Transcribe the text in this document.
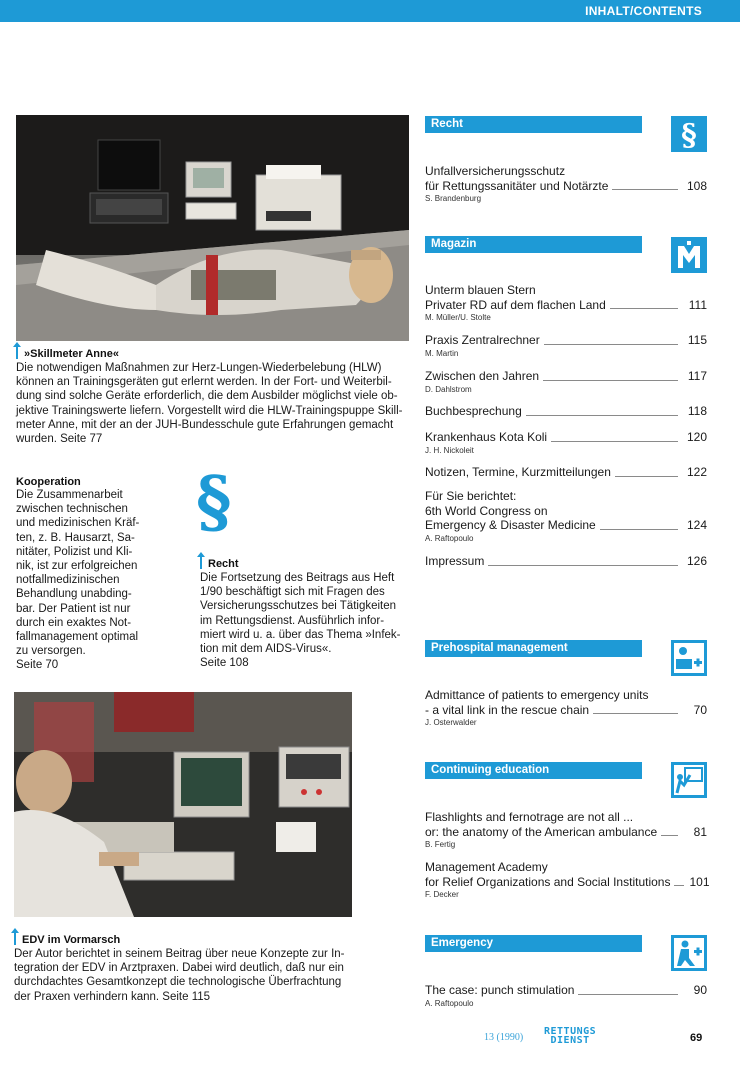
INHALT/CONTENTS
»Skillmeter Anne«
Die notwendigen Maßnahmen zur Herz-Lungen-Wiederbelebung (HLW)
können an Trainingsgeräten gut erlernt werden. In der Fort- und Weiterbil-
dung sind solche Geräte erforderlich, die dem Ausbilder möglichst viele ob-
jektive Trainingswerte liefern. Vorgestellt wird die HLW-Trainingspuppe Skill-
meter Anne, mit der an der JUH-Bundesschule gute Erfahrungen gemacht
wurden. Seite 77
Kooperation
Die Zusammenarbeit
zwischen technischen
und medizinischen Kräf-
ten, z. B. Hausarzt, Sa-
nitäter, Polizist und Kli-
nik, ist zur erfolgreichen
notfallmedizinischen
Behandlung unabding-
bar. Der Patient ist nur
durch ein exaktes Not-
fallmanagement optimal
zu versorgen.
Seite 70
§
Recht
Die Fortsetzung des Beitrags aus Heft
1/90 beschäftigt sich mit Fragen des
Versicherungsschutzes bei Tätigkeiten
im Rettungsdienst. Ausführlich infor-
miert wird u. a. über das Thema »Infek-
tion mit dem AIDS-Virus«.
Seite 108
EDV im Vormarsch
Der Autor berichtet in seinem Beitrag über neue Konzepte zur In-
tegration der EDV in Arztpraxen. Dabei wird deutlich, daß nur ein
durchdachtes Gesamtkonzept die technologische Überfrachtung
der Praxen verhindern kann. Seite 115
Recht	§
Unfallversicherungsschutz
für Rettungssanitäter und Notärzte	108
S. Brandenburg
Magazin
Unterm blauen Stern
Privater RD auf dem flachen Land	111
M. Müller/U. Stolte
Praxis Zentralrechner	115
M. Martin
Zwischen den Jahren	117
D. Dahlstrom
Buchbesprechung	118
Krankenhaus Kota Koli	120
J. H. Nickoleit
Notizen, Termine, Kurzmitteilungen	122
Für Sie berichtet:
6th World Congress on
Emergency & Disaster Medicine	124
A. Raftopoulo
Impressum	126
Prehospital management
Admittance of patients to emergency units
- a vital link in the rescue chain	70
J. Osterwalder
Continuing education
Flashlights and fernotrage are not all ...
or: the anatomy of the American ambulance	81
B. Fertig
Management Academy
for Relief Organizations and Social Institutions 101
F. Decker
Emergency
The case: punch stimulation	90
A. Raftopoulo
13 (1990)
RETTUNGS
DIENST	69
